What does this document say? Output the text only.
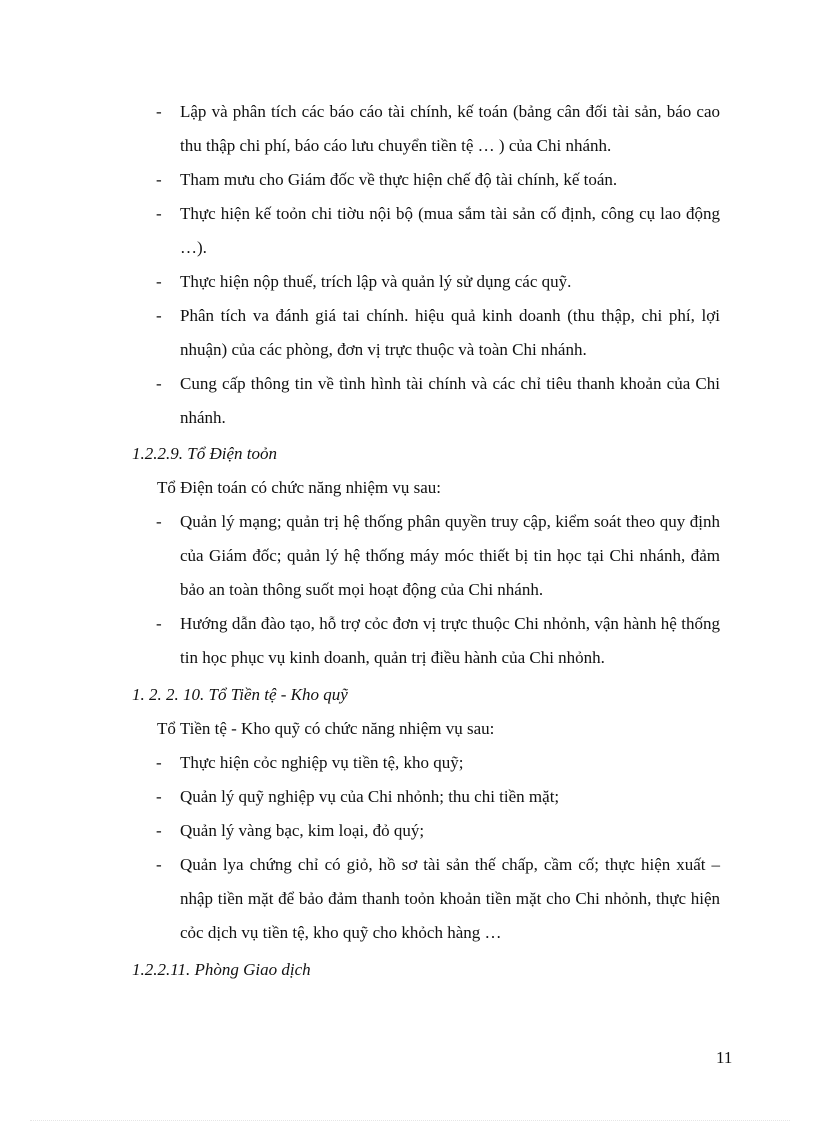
- Lập và phân tích các báo cáo tài chính, kế toán (bảng cân đối tài sản, báo cao thu thập chi phí, báo cáo lưu chuyển tiền tệ … ) của Chi nhánh.
- Tham mưu cho Giám đốc về thực hiện chế độ tài chính, kế toán.
- Thực hiện kế toỏn chi tiờu nội bộ (mua sắm tài sản cố định, công cụ lao động …).
- Thực hiện nộp thuế, trích lập và quản lý sử dụng các quỹ.
- Phân tích va đánh giá tai chính. hiệu quả kinh doanh (thu thập, chi phí, lợi nhuận) của các phòng, đơn vị trực thuộc và toàn Chi nhánh.
- Cung cấp thông tin về tình hình tài chính và các chỉ tiêu thanh khoản của Chi nhánh.
1.2.2.9. Tổ Điện toỏn
Tổ Điện toán có chức năng nhiệm vụ sau:
- Quản lý mạng; quản trị hệ thống phân quyền truy cập, kiểm soát theo quy định của Giám đốc; quản lý hệ thống máy móc thiết bị tin học tại Chi nhánh, đảm bảo an toàn thông suốt mọi hoạt động của Chi nhánh.
- Hướng dẫn đào tạo, hỗ trợ cỏc đơn vị trực thuộc Chi nhỏnh, vận hành hệ thống tin học phục vụ kinh doanh, quản trị điều hành của Chi nhỏnh.
1. 2. 2. 10. Tổ Tiền tệ - Kho quỹ
Tổ Tiền tệ - Kho quỹ có chức năng nhiệm vụ sau:
- Thực hiện cỏc nghiệp vụ tiền tệ, kho quỹ;
- Quản lý quỹ nghiệp vụ của Chi nhỏnh; thu chi tiền mặt;
- Quản lý vàng bạc, kim loại, đỏ quý;
- Quản lya chứng chỉ có giỏ, hồ sơ tài sản thế chấp, cầm cố; thực hiện xuất – nhập tiền mặt để bảo đảm thanh toỏn khoản tiền mặt cho Chi nhỏnh, thực hiện cỏc dịch vụ tiền tệ, kho quỹ cho khỏch hàng …
1.2.2.11. Phòng Giao dịch
11
